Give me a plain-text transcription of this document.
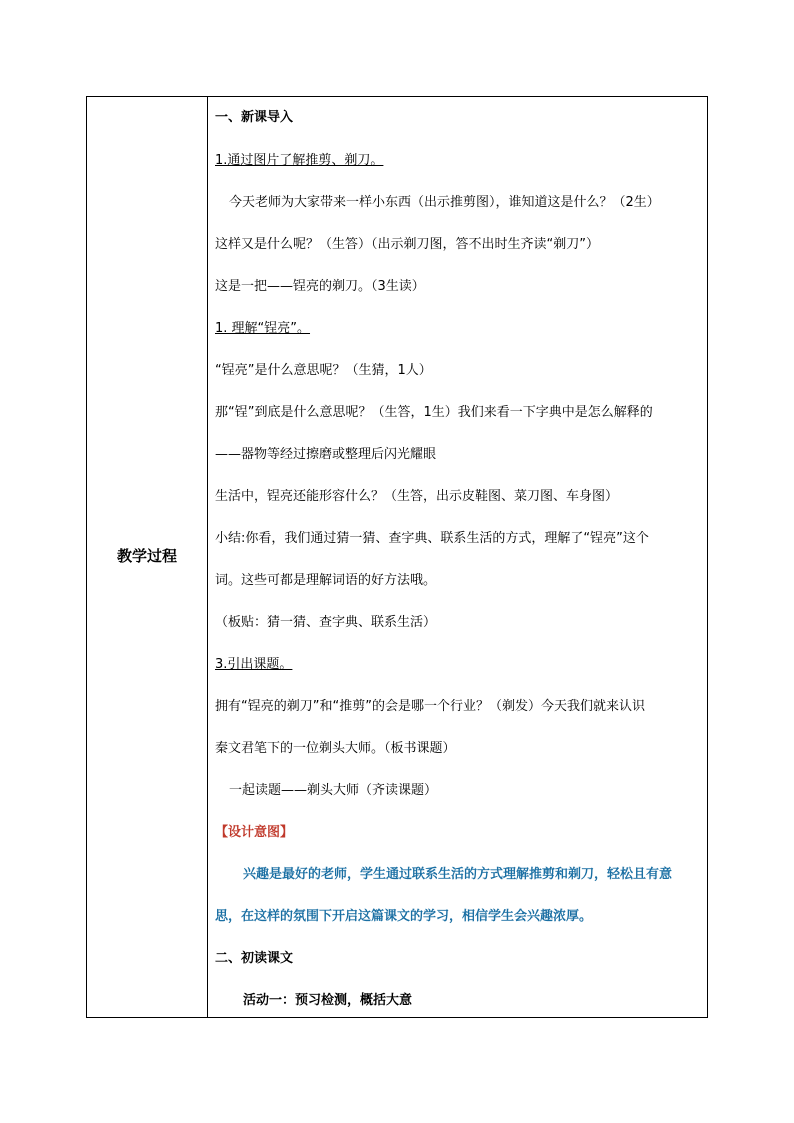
教学过程
一、新课导入
1.通过图片了解推剪、剃刀。
今天老师为大家带来一样小东西（出示推剪图），谁知道这是什么？（2生）
这样又是什么呢？（生答）（出示剃刀图，答不出时生齐读“剃刀”）
这是一把——锃亮的剃刀。（3生读）
1. 理解“锃亮”。
“锃亮”是什么意思呢？（生猜，1人）
那“锃”到底是什么意思呢？（生答，1生）我们来看一下字典中是怎么解释的
——器物等经过擦磨或整理后闪光耀眼
生活中，锃亮还能形容什么？（生答，出示皮鞋图、菜刀图、车身图）
小结:你看，我们通过猜一猜、查字典、联系生活的方式，理解了“锃亮”这个
词。这些可都是理解词语的好方法哦。
（板贴：猜一猜、查字典、联系生活）
3.引出课题。
拥有“锃亮的剃刀”和“推剪”的会是哪一个行业？（剃发）今天我们就来认识
秦文君笔下的一位剃头大师。（板书课题）
一起读题——剃头大师（齐读课题）
【设计意图】
兴趣是最好的老师，学生通过联系生活的方式理解推剪和剃刀，轻松且有意
思，在这样的氛围下开启这篇课文的学习，相信学生会兴趣浓厚。
二、初读课文
活动一：预习检测，概括大意
